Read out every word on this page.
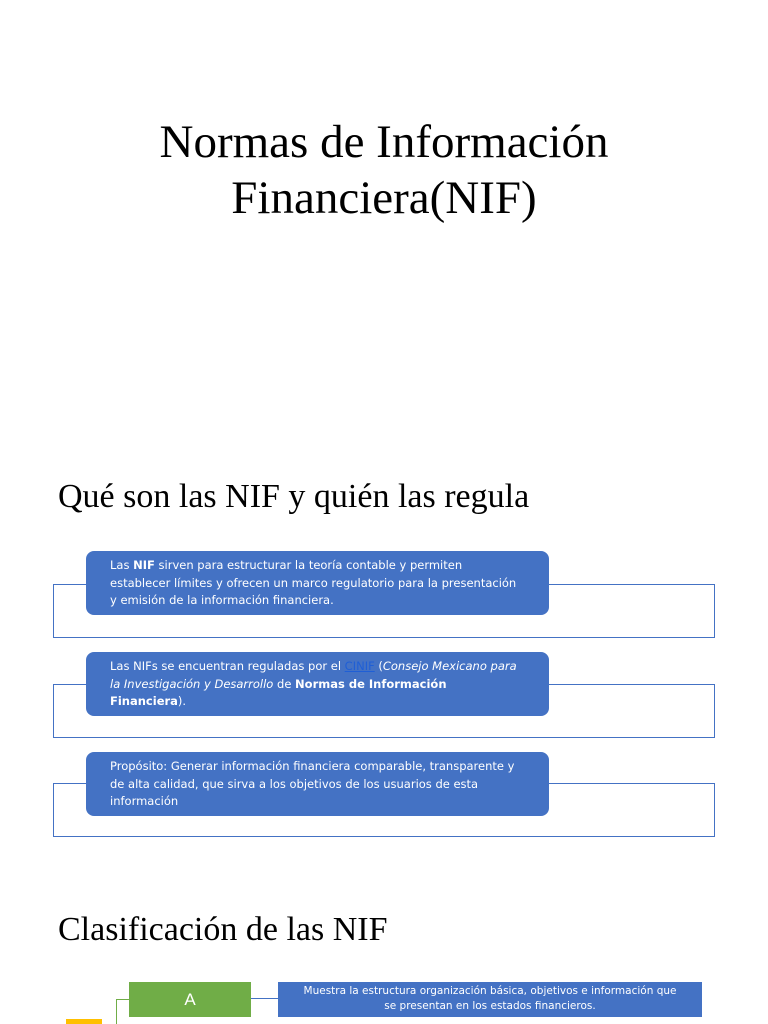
Normas de Información
Financiera(NIF)
Qué son las NIF y quién las regula
Las NIF sirven para estructurar la teoría contable y permiten establecer límites y ofrecen un marco regulatorio para la presentación y emisión de la información financiera.
Las NIFs se encuentran reguladas por el CINIF (Consejo Mexicano para la Investigación y Desarrollo de Normas de Información Financiera).
Propósito: Generar información financiera comparable, transparente y de alta calidad, que sirva a los objetivos de los usuarios de esta información
Clasificación de las NIF
A	Muestra la estructura organización básica, objetivos e información que
se presentan en los estados financieros.
